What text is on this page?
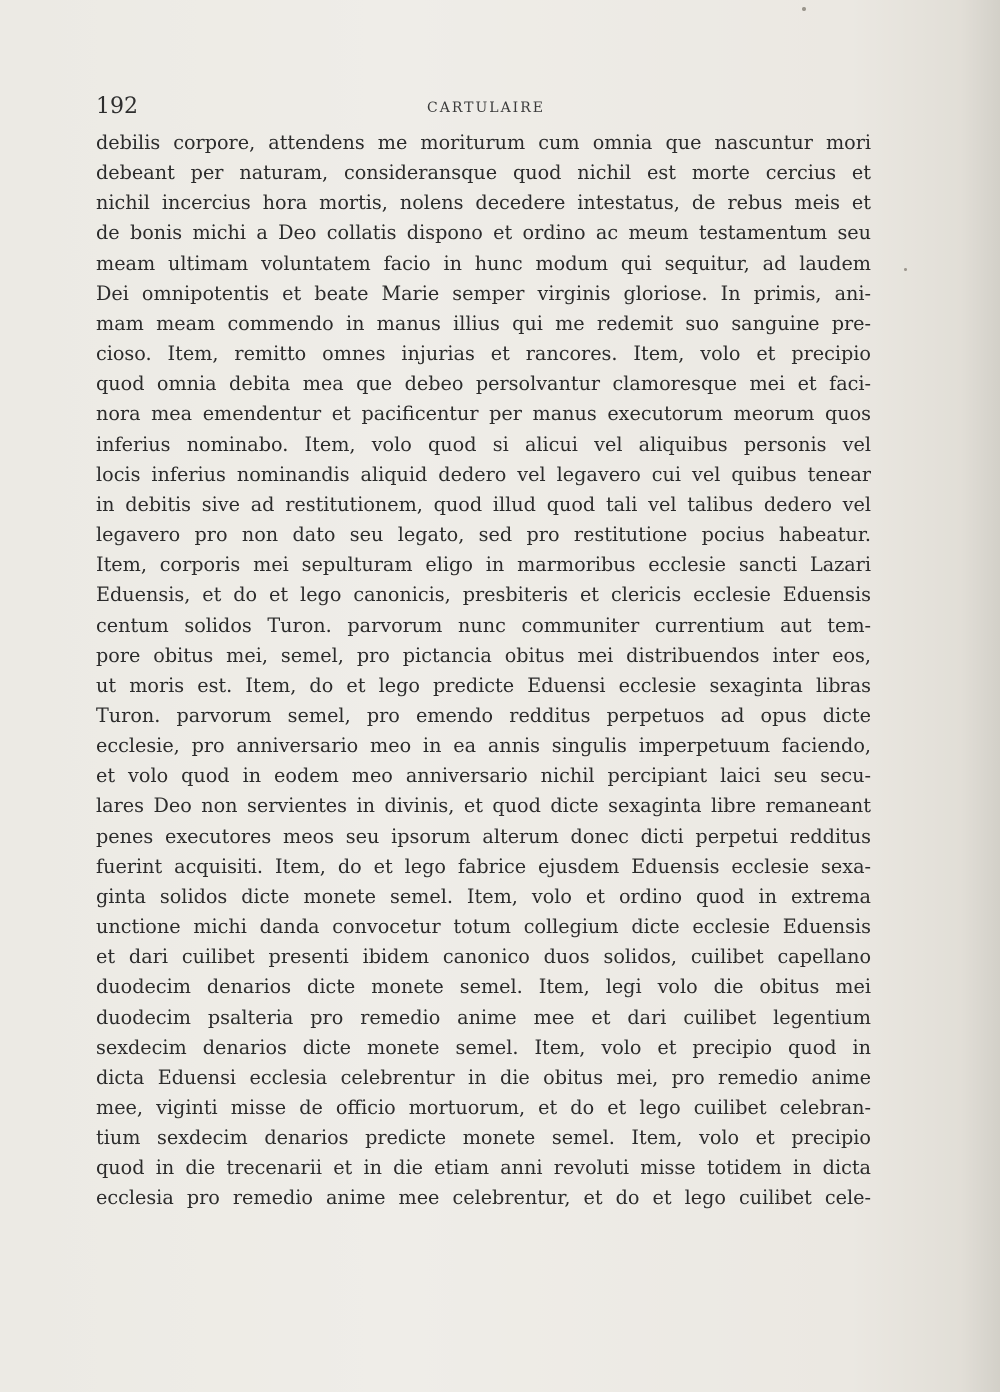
192	CARTULAIRE
debilis corpore, attendens me moriturum cum omnia que nascuntur mori
debeant per naturam, consideransque quod nichil est morte cercius et
nichil incercius hora mortis, nolens decedere intestatus, de rebus meis et
de bonis michi a Deo collatis dispono et ordino ac meum testamentum seu
meam ultimam voluntatem facio in hunc modum qui sequitur, ad laudem
Dei omnipotentis et beate Marie semper virginis gloriose. In primis, ani-
mam meam commendo in manus illius qui me redemit suo sanguine pre-
cioso. Item, remitto omnes injurias et rancores. Item, volo et precipio
quod omnia debita mea que debeo persolvantur clamoresque mei et faci-
nora mea emendentur et pacificentur per manus executorum meorum quos
inferius nominabo. Item, volo quod si alicui vel aliquibus personis vel
locis inferius nominandis aliquid dedero vel legavero cui vel quibus tenear
in debitis sive ad restitutionem, quod illud quod tali vel talibus dedero vel
legavero pro non dato seu legato, sed pro restitutione pocius habeatur.
Item, corporis mei sepulturam eligo in marmoribus ecclesie sancti Lazari
Eduensis, et do et lego canonicis, presbiteris et clericis ecclesie Eduensis
centum solidos Turon. parvorum nunc communiter currentium aut tem-
pore obitus mei, semel, pro pictancia obitus mei distribuendos inter eos,
ut moris est. Item, do et lego predicte Eduensi ecclesie sexaginta libras
Turon. parvorum semel, pro emendo redditus perpetuos ad opus dicte
ecclesie, pro anniversario meo in ea annis singulis imperpetuum faciendo,
et volo quod in eodem meo anniversario nichil percipiant laici seu secu-
lares Deo non servientes in divinis, et quod dicte sexaginta libre remaneant
penes executores meos seu ipsorum alterum donec dicti perpetui redditus
fuerint acquisiti. Item, do et lego fabrice ejusdem Eduensis ecclesie sexa-
ginta solidos dicte monete semel. Item, volo et ordino quod in extrema
unctione michi danda convocetur totum collegium dicte ecclesie Eduensis
et dari cuilibet presenti ibidem canonico duos solidos, cuilibet capellano
duodecim denarios dicte monete semel. Item, legi volo die obitus mei
duodecim psalteria pro remedio anime mee et dari cuilibet legentium
sexdecim denarios dicte monete semel. Item, volo et precipio quod in
dicta Eduensi ecclesia celebrentur in die obitus mei, pro remedio anime
mee, viginti misse de officio mortuorum, et do et lego cuilibet celebran-
tium sexdecim denarios predicte monete semel. Item, volo et precipio
quod in die trecenarii et in die etiam anni revoluti misse totidem in dicta
ecclesia pro remedio anime mee celebrentur, et do et lego cuilibet cele-
